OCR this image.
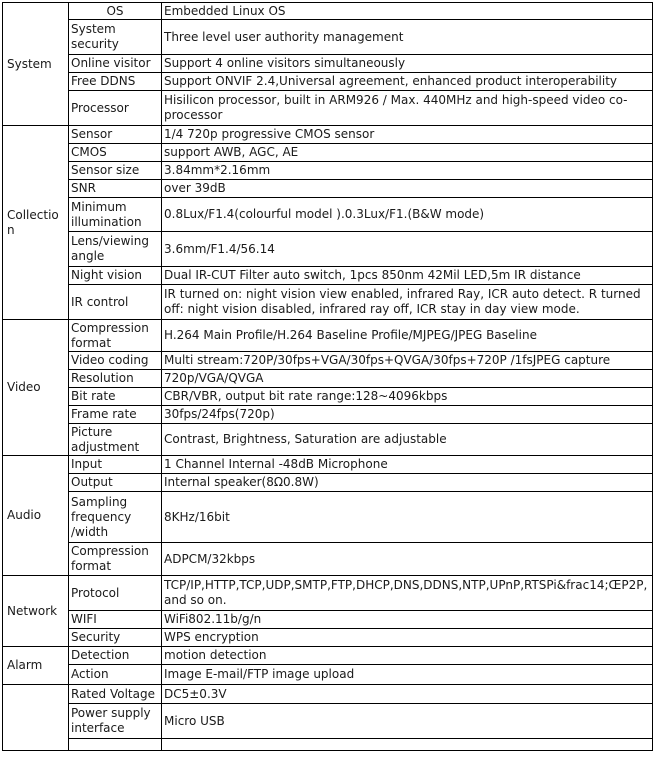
System	OS	Embedded Linux OS
	System security	Three level user authority management
	Online visitor	Support 4 online visitors simultaneously
	Free DDNS	Support ONVIF 2.4,Universal agreement, enhanced product interoperability
	Processor	Hisilicon processor, built in ARM926 / Max. 440MHz and high-speed video co-processor
Collection	Sensor	1/4 720p progressive CMOS sensor
	CMOS	support AWB, AGC, AE
	Sensor size	3.84mm*2.16mm
	SNR	over 39dB
	Minimum illumination	0.8Lux/F1.4(colourful model ).0.3Lux/F1.(B&W mode)
	Lens/viewing angle	3.6mm/F1.4/56.14
	Night vision	Dual IR-CUT Filter auto switch, 1pcs 850nm 42Mil LED,5m IR distance
	IR control	IR turned on: night vision view enabled, infrared Ray, ICR auto detect. R turned off: night vision disabled, infrared ray off, ICR stay in day view mode.
Video	Compression format	H.264 Main Profile/H.264 Baseline Profile/MJPEG/JPEG Baseline
	Video coding	Multi stream:720P/30fps+VGA/30fps+QVGA/30fps+720P /1fsJPEG capture
	Resolution	720p/VGA/QVGA
	Bit rate	CBR/VBR, output bit rate range:128~4096kbps
	Frame rate	30fps/24fps(720p)
	Picture adjustment	Contrast, Brightness, Saturation are adjustable
Audio	Input	1 Channel Internal -48dB Microphone
	Output	Internal speaker(8Ω0.8W)
	Sampling frequency /width	8KHz/16bit
	Compression format	ADPCM/32kbps
Network	Protocol	TCP/IP,HTTP,TCP,UDP,SMTP,FTP,DHCP,DNS,DDNS,NTP,UPnP,RTSPi&frac14;ŒP2P,and so on.
	WIFI	WiFi802.11b/g/n
	Security	WPS encryption
Alarm	Detection	motion detection
	Action	Image E-mail/FTP image upload
	Rated Voltage	DC5±0.3V
	Power supply interface	Micro USB
